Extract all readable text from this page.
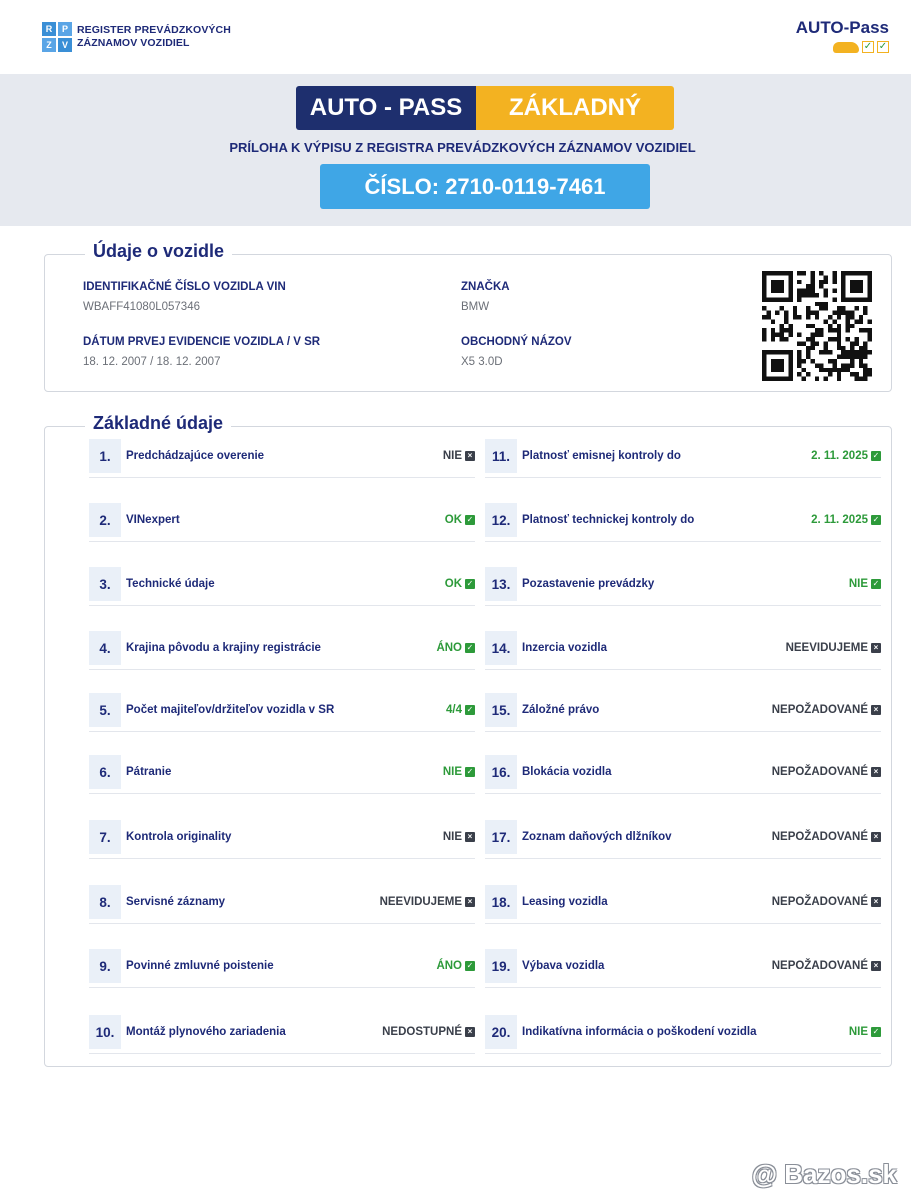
R	P
Z	V
REGISTER PREVÁDZKOVÝCH
ZÁZNAMOV VOZIDIEL
AUTO-Pass
✓ ✓
AUTO - PASS	ZÁKLADNÝ
PRÍLOHA K VÝPISU Z REGISTRA PREVÁDZKOVÝCH ZÁZNAMOV VOZIDIEL
ČÍSLO: 2710-0119-7461
Údaje o vozidle
IDENTIFIKAČNÉ ČÍSLO VOZIDLA VIN
WBAFF41080L057346
DÁTUM PRVEJ EVIDENCIE VOZIDLA / V SR
18. 12. 2007 / 18. 12. 2007
ZNAČKA
BMW
OBCHODNÝ NÁZOV
X5 3.0D
Základné údaje
1.	Predchádzajúce overenie	NIE ×
2.	VINexpert	OK ✓
3.	Technické údaje	OK ✓
4.	Krajina pôvodu a krajiny registrácie	ÁNO ✓
5.	Počet majiteľov/držiteľov vozidla v SR	4/4 ✓
6.	Pátranie	NIE ✓
7.	Kontrola originality	NIE ×
8.	Servisné záznamy	NEEVIDUJEME ×
9.	Povinné zmluvné poistenie	ÁNO ✓
10.	Montáž plynového zariadenia	NEDOSTUPNÉ ×
11.	Platnosť emisnej kontroly do	2. 11. 2025 ✓
12.	Platnosť technickej kontroly do	2. 11. 2025 ✓
13.	Pozastavenie prevádzky	NIE ✓
14.	Inzercia vozidla	NEEVIDUJEME ×
15.	Záložné právo	NEPOŽADOVANÉ ×
16.	Blokácia vozidla	NEPOŽADOVANÉ ×
17.	Zoznam daňových dlžníkov	NEPOŽADOVANÉ ×
18.	Leasing vozidla	NEPOŽADOVANÉ ×
19.	Výbava vozidla	NEPOŽADOVANÉ ×
20.	Indikatívna informácia o poškodení vozidla	NIE ✓
@ Bazos.sk
